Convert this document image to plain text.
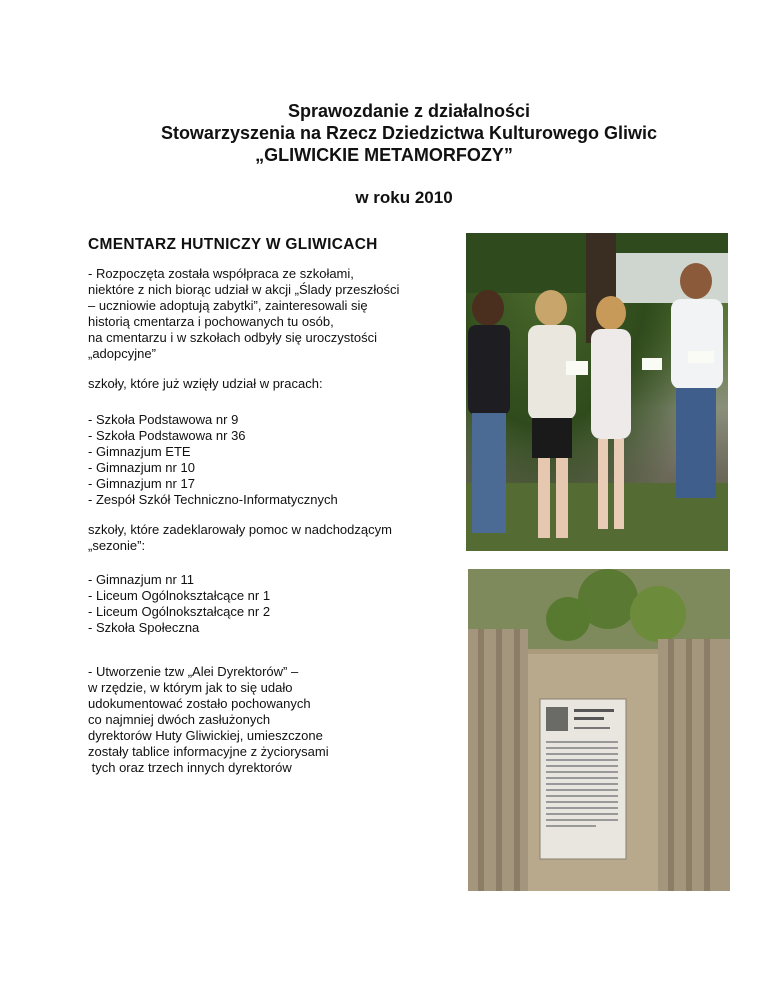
Sprawozdanie z działalności
Stowarzyszenia na Rzecz Dziedzictwa Kulturowego Gliwic
„GLIWICKIE METAMORFOZY”
w roku 2010
CMENTARZ HUTNICZY W GLIWICACH

- Rozpoczęta została współpraca ze szkołami,

niektóre z nich biorąc udział w akcji „Ślady przeszłości

– uczniowie adoptują zabytki”, zainteresowali się

historią cmentarza i pochowanych tu osób,

na cmentarzu i w szkołach odbyły się uroczystości

„adopcyjne”

szkoły, które już wzięły udział w pracach:
- Szkoła Podstawowa nr 9
- Szkoła Podstawowa nr 36
- Gimnazjum ETE
- Gimnazjum nr 10
- Gimnazjum nr 17
- Zespół Szkół Techniczno-Informatycznych

szkoły, które zadeklarowały pomoc w nadchodzącym

„sezonie”:

- Gimnazjum nr 11
- Liceum Ogólnokształcące nr 1
- Liceum Ogólnokształcące nr 2
- Szkoła Społeczna

- Utworzenie tzw „Alei Dyrektorów” –

w rzędzie, w którym jak to się udało

udokumentować zostało pochowanych

co najmniej dwóch zasłużonych

dyrektorów Huty Gliwickiej, umieszczone

zostały tablice informacyjne z życiorysami

tych oraz trzech innych dyrektorów
